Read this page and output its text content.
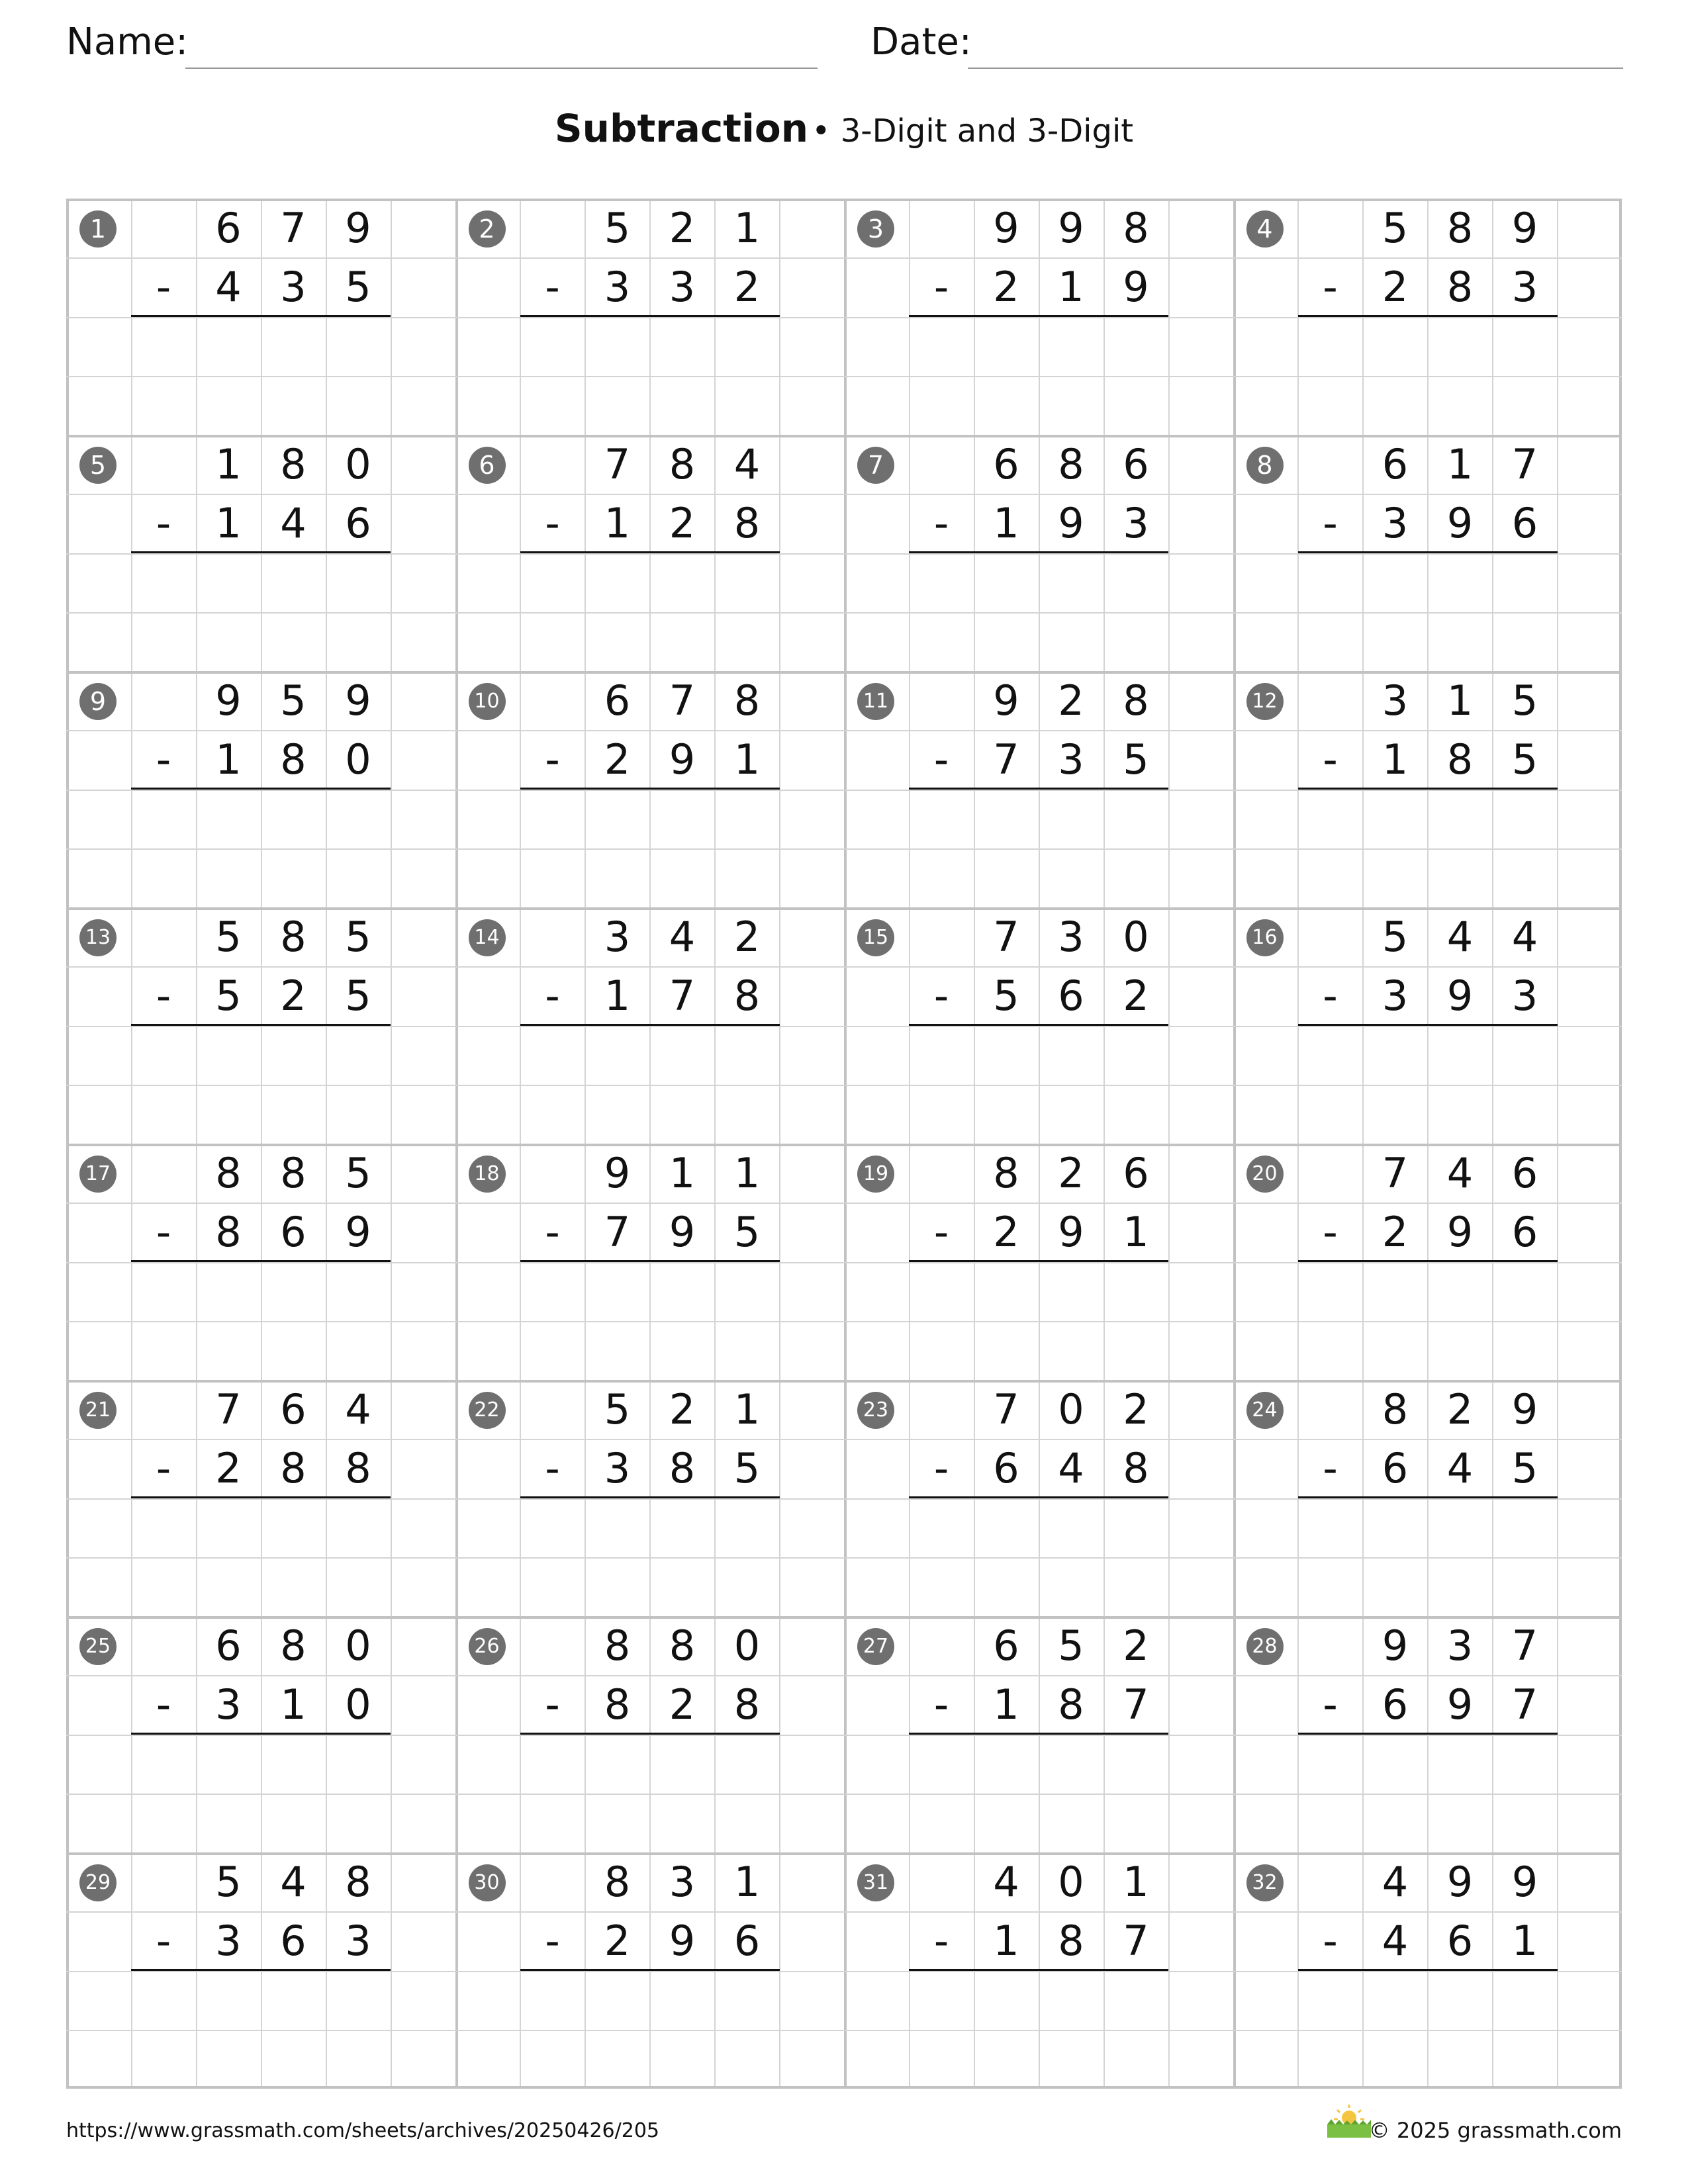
Name:	Date:
Subtraction • 3-Digit and 3-Digit
1	6 7 9
-	4 3 5
2	5 2 1
-	3 3 2
3	9 9 8
-	2 1 9
4	5 8 9
-	2 8 3
5	1 8 0
-	1 4 6
6	7 8 4
-	1 2 8
7	6 8 6
-	1 9 3
8	6 1 7
-	3 9 6
9	9 5 9
-	1 8 0
10	6 7 8
-	2 9 1
11	9 2 8
-	7 3 5
12	3 1 5
-	1 8 5
13	5 8 5
-	5 2 5
14	3 4 2
-	1 7 8
15	7 3 0
-	5 6 2
16	5 4 4
-	3 9 3
17	8 8 5
-	8 6 9
18	9 1 1
-	7 9 5
19	8 2 6
-	2 9 1
20	7 4 6
-	2 9 6
21	7 6 4
-	2 8 8
22	5 2 1
-	3 8 5
23	7 0 2
-	6 4 8
24	8 2 9
-	6 4 5
25	6 8 0
-	3 1 0
26	8 8 0
-	8 2 8
27	6 5 2
-	1 8 7
28	9 3 7
-	6 9 7
29	5 4 8
-	3 6 3
30	8 3 1
-	2 9 6
31	4 0 1
-	1 8 7
32	4 9 9
-	4 6 1
https://www.grassmath.com/sheets/archives/20250426/205	© 2025 grassmath.com
